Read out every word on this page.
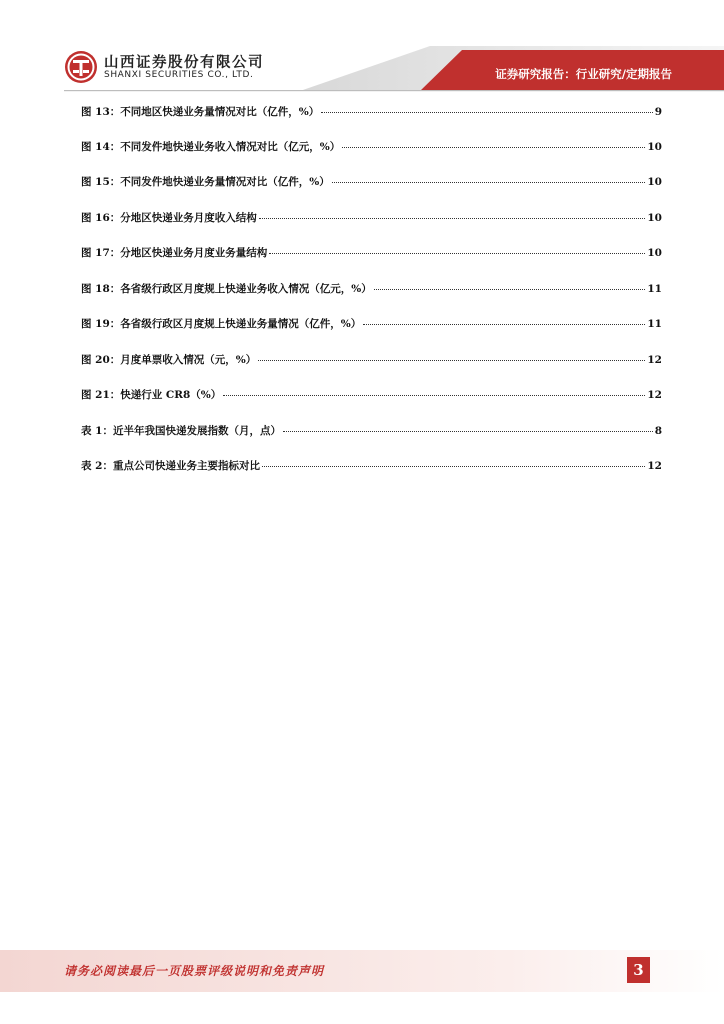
山西证券股份有限公司
SHANXI SECURITIES CO., LTD.	证券研究报告：行业研究/定期报告
图 13：不同地区快递业务量情况对比（亿件，%）	9
图 14：不同发件地快递业务收入情况对比（亿元，%）	10
图 15：不同发件地快递业务量情况对比（亿件，%）	10
图 16：分地区快递业务月度收入结构	10
图 17：分地区快递业务月度业务量结构	10
图 18：各省级行政区月度规上快递业务收入情况（亿元，%）	11
图 19：各省级行政区月度规上快递业务量情况（亿件，%）	11
图 20：月度单票收入情况（元，%）	12
图 21：快递行业 CR8（%）	12
表 1：近半年我国快递发展指数（月，点）	8
表 2：重点公司快递业务主要指标对比	12
请务必阅读最后一页股票评级说明和免责声明	3
